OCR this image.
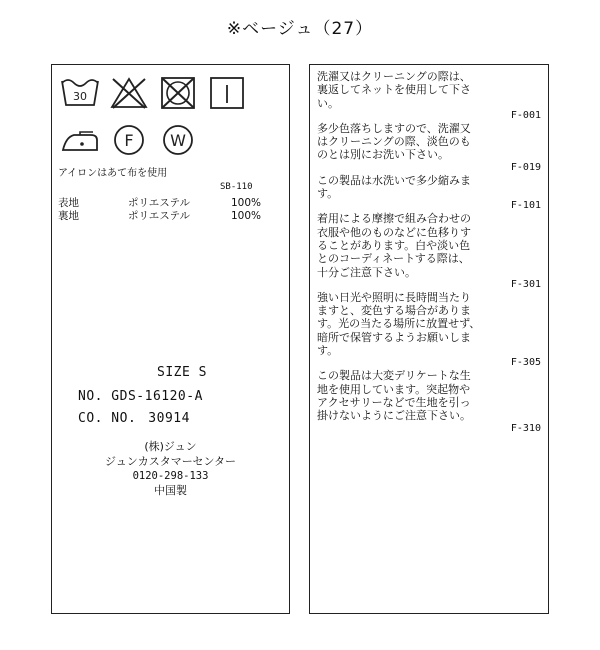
※ベージュ（27）
30
F W
アイロンはあて布を使用
SB-110
表地	ポリエステル	100%
裏地	ポリエステル	100%
SIZE S
NO. GDS-16120-A
CO. NO. 30914
(株)ジュン
ジュンカスタマーセンター
0120-298-133
中国製
洗濯又はクリーニングの際は、
裏返してネットを使用して下さ
い。
F-001
多少色落ちしますので、洗濯又
はクリーニングの際、淡色のも
のとは別にお洗い下さい。
F-019
この製品は水洗いで多少縮みま
す。
F-101
着用による摩擦で組み合わせの
衣服や他のものなどに色移りす
ることがあります。白や淡い色
とのコーディネートする際は、
十分ご注意下さい。
F-301
強い日光や照明に長時間当たり
ますと、変色する場合がありま
す。光の当たる場所に放置せず、
暗所で保管するようお願いしま
す。
F-305
この製品は大変デリケートな生
地を使用しています。突起物や
アクセサリーなどで生地を引っ
掛けないようにご注意下さい。
F-310
